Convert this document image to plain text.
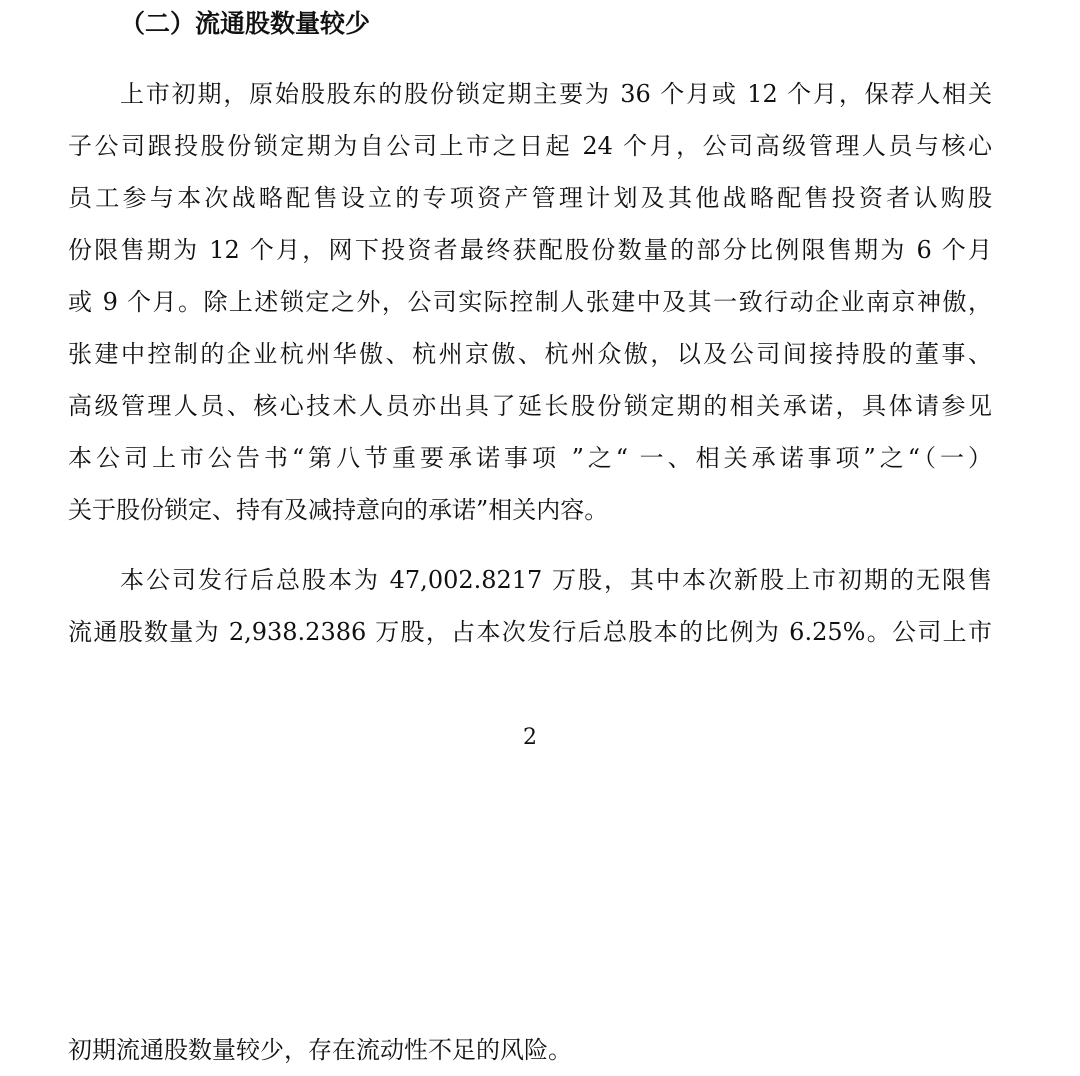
（二）流通股数量较少
上市初期，原始股股东的股份锁定期主要为 36 个月或 12 个月，保荐人相关
子公司跟投股份锁定期为自公司上市之日起 24 个月，公司高级管理人员与核心
员工参与本次战略配售设立的专项资产管理计划及其他战略配售投资者认购股
份限售期为 12 个月，网下投资者最终获配股份数量的部分比例限售期为 6 个月
或 9 个月。除上述锁定之外，公司实际控制人张建中及其一致行动企业南京神傲，
张建中控制的企业杭州华傲、杭州京傲、杭州众傲，以及公司间接持股的董事、
高级管理人员、核心技术人员亦出具了延长股份锁定期的相关承诺，具体请参见
本公司上市公告书“第八节重要承诺事项 ”之“ 一、相关承诺事项”之“（一）
关于股份锁定、持有及减持意向的承诺”相关内容。
本公司发行后总股本为 47,002.8217 万股，其中本次新股上市初期的无限售
流通股数量为 2,938.2386 万股，占本次发行后总股本的比例为 6.25%。公司上市
2
初期流通股数量较少，存在流动性不足的风险。
